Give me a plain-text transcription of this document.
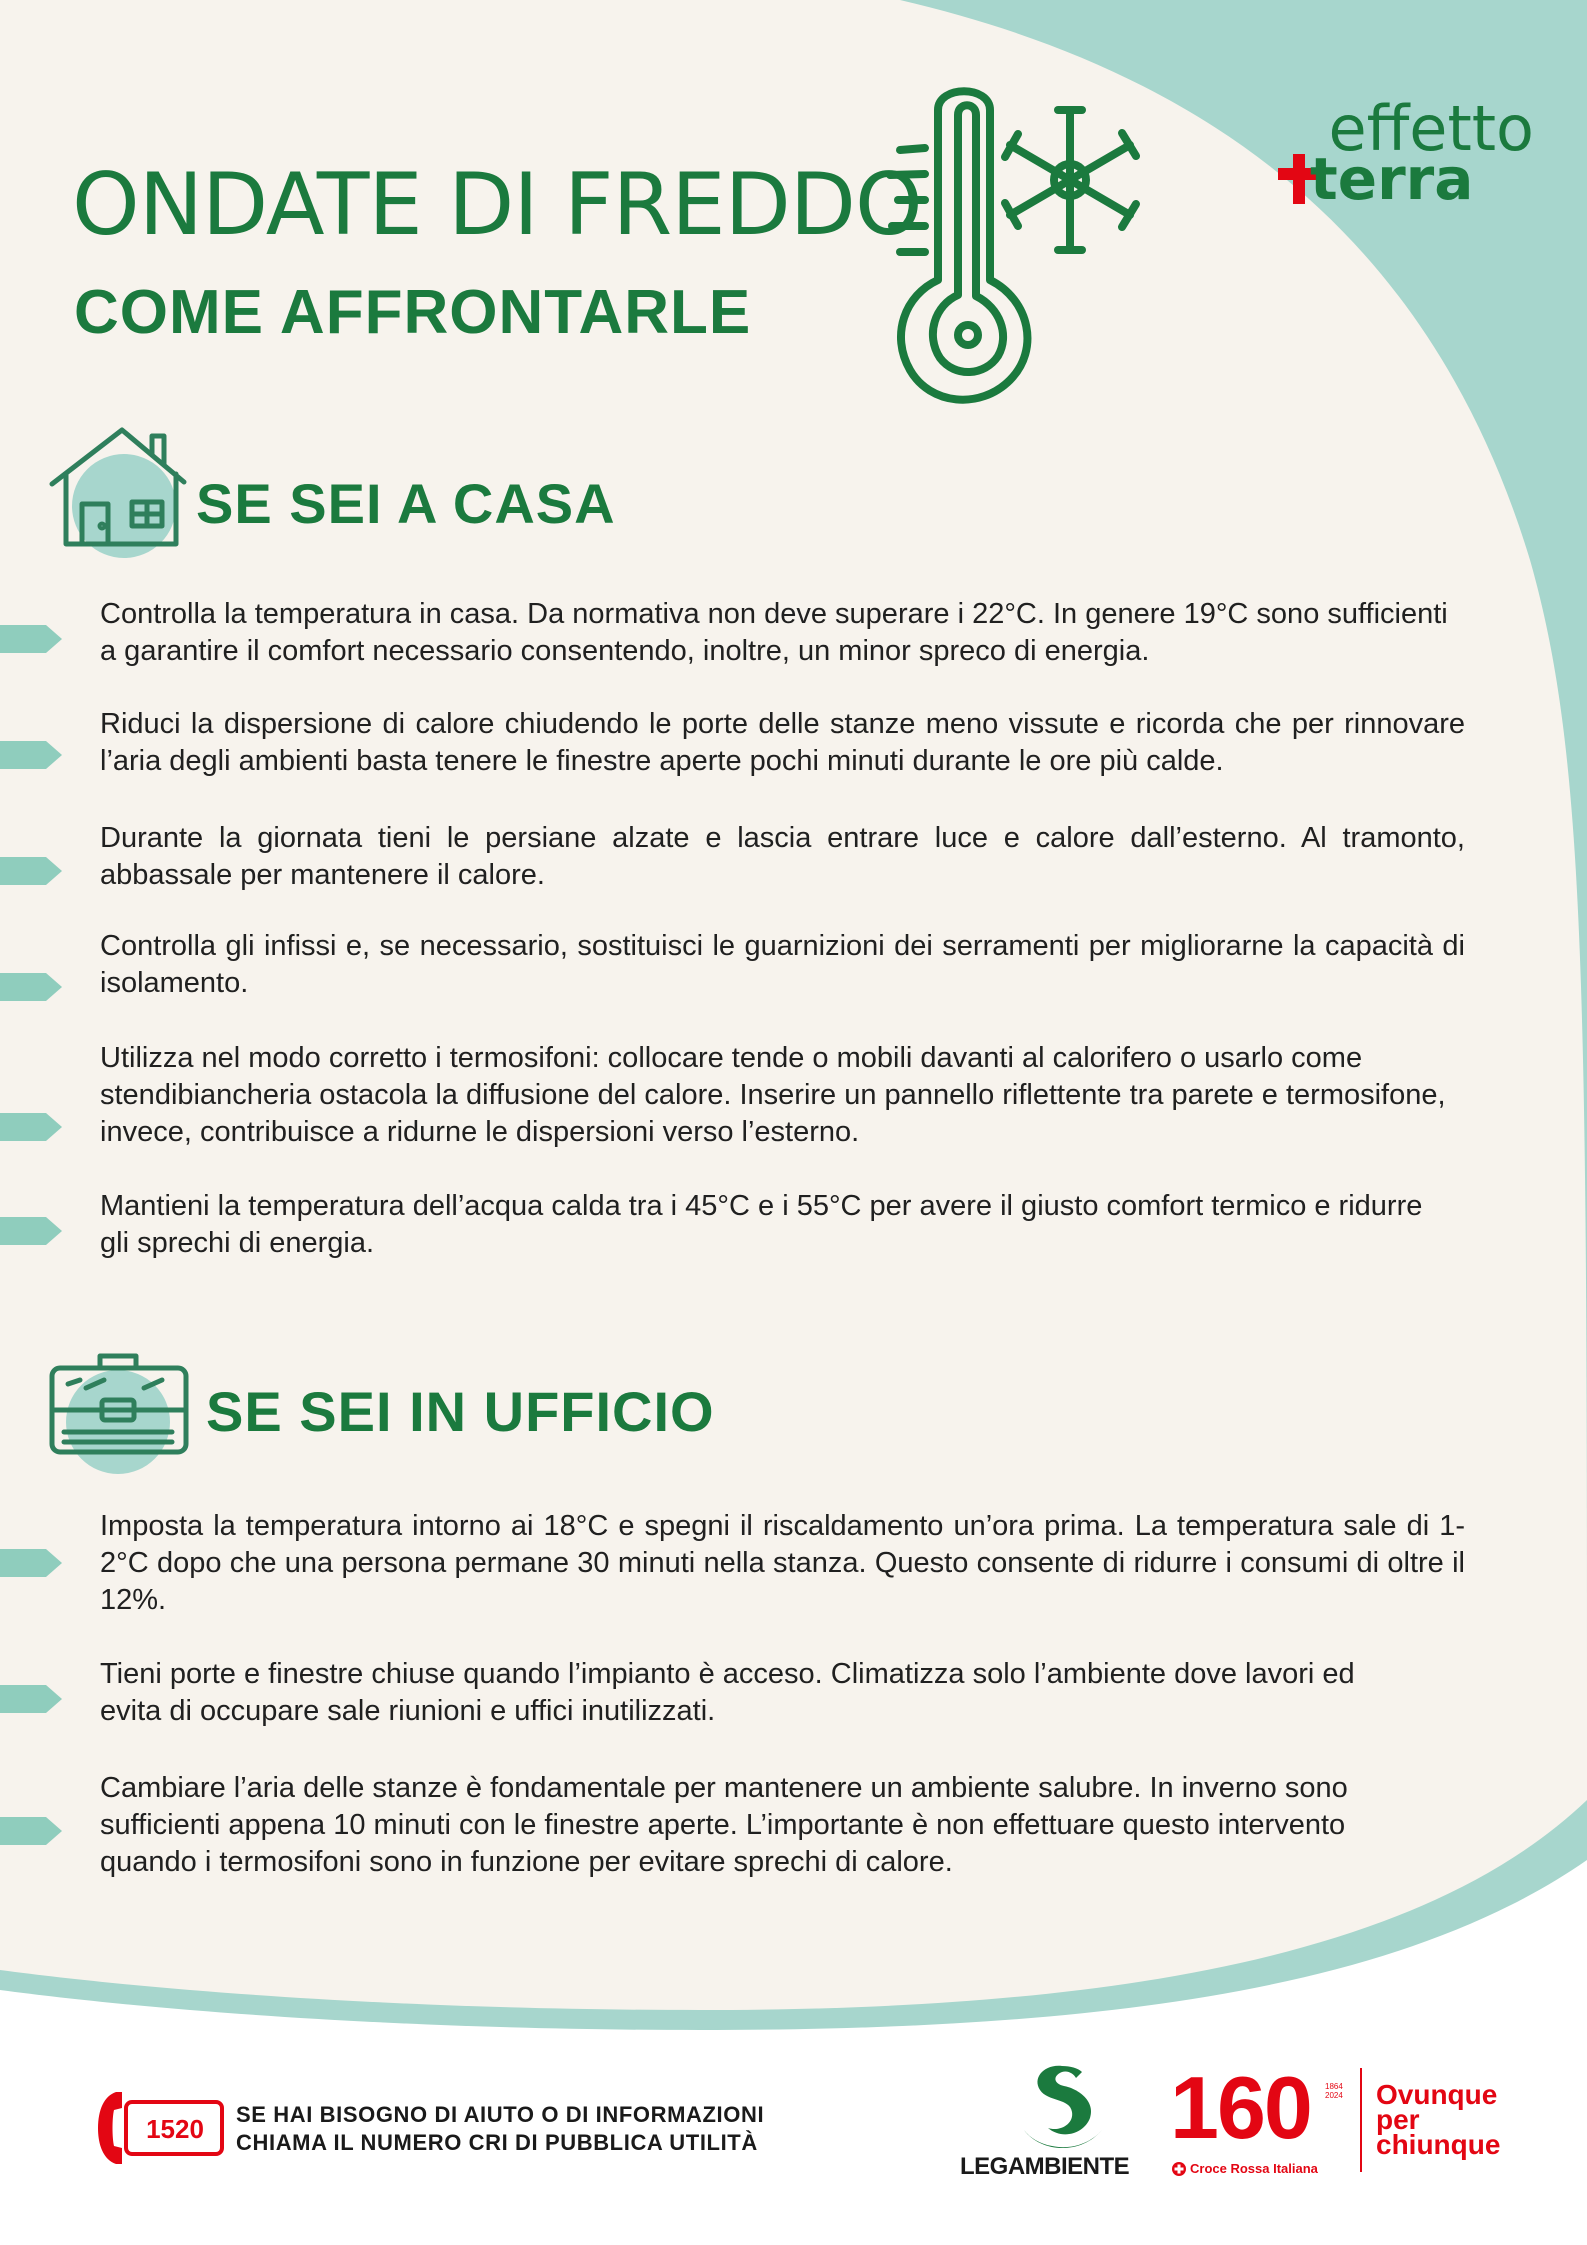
ONDATE DI FREDDO
COME AFFRONTARLE
effetto
terra
SE SEI A CASA
SE SEI IN UFFICIO

Controlla la temperatura in casa. Da normativa non deve superare i 22°C. In genere 19°C sono sufficienti a garantire il comfort necessario consentendo, inoltre, un minor spreco di energia.

Riduci la dispersione di calore chiudendo le porte delle stanze meno vissute e ricorda che per rinnovare l’aria degli ambienti basta tenere le finestre aperte pochi minuti durante le ore più calde.

Durante la giornata tieni le persiane alzate e lascia entrare luce e calore dall’esterno. Al tramonto, abbassale per mantenere il calore.

Controlla gli infissi e, se necessario, sostituisci le guarnizioni dei serramenti per migliorarne la capacità di isolamento.

Utilizza nel modo corretto i termosifoni: collocare tende o mobili davanti al calorifero o usarlo come stendibiancheria ostacola la diffusione del calore. Inserire un pannello riflettente tra parete e termosifone, invece, contribuisce a ridurne le dispersioni verso l’esterno.

Mantieni la temperatura dell’acqua calda tra i 45°C e i 55°C per avere il giusto comfort termico e ridurre gli sprechi di energia.

Imposta la temperatura intorno ai 18°C e spegni il riscaldamento un’ora prima. La temperatura sale di 1-2°C dopo che una persona permane 30 minuti nella stanza. Questo consente di ridurre i consumi di oltre il 12%.

Tieni porte e finestre chiuse quando l’impianto è acceso. Climatizza solo l’ambiente dove lavori ed evita di occupare sale riunioni e uffici inutilizzati.

Cambiare l’aria delle stanze è fondamentale per mantenere un ambiente salubre. In inverno sono sufficienti appena 10 minuti con le finestre aperte. L’importante è non effettuare questo intervento quando i termosifoni sono in funzione per evitare sprechi di calore.

1520	SE HAI BISOGNO DI AIUTO O DI INFORMAZIONI
CHIAMA IL NUMERO CRI DI PUBBLICA UTILITÀ

LEGAMBIENTE

160 1864
2024

Croce Rossa Italiana

Ovunque
per
chiunque
